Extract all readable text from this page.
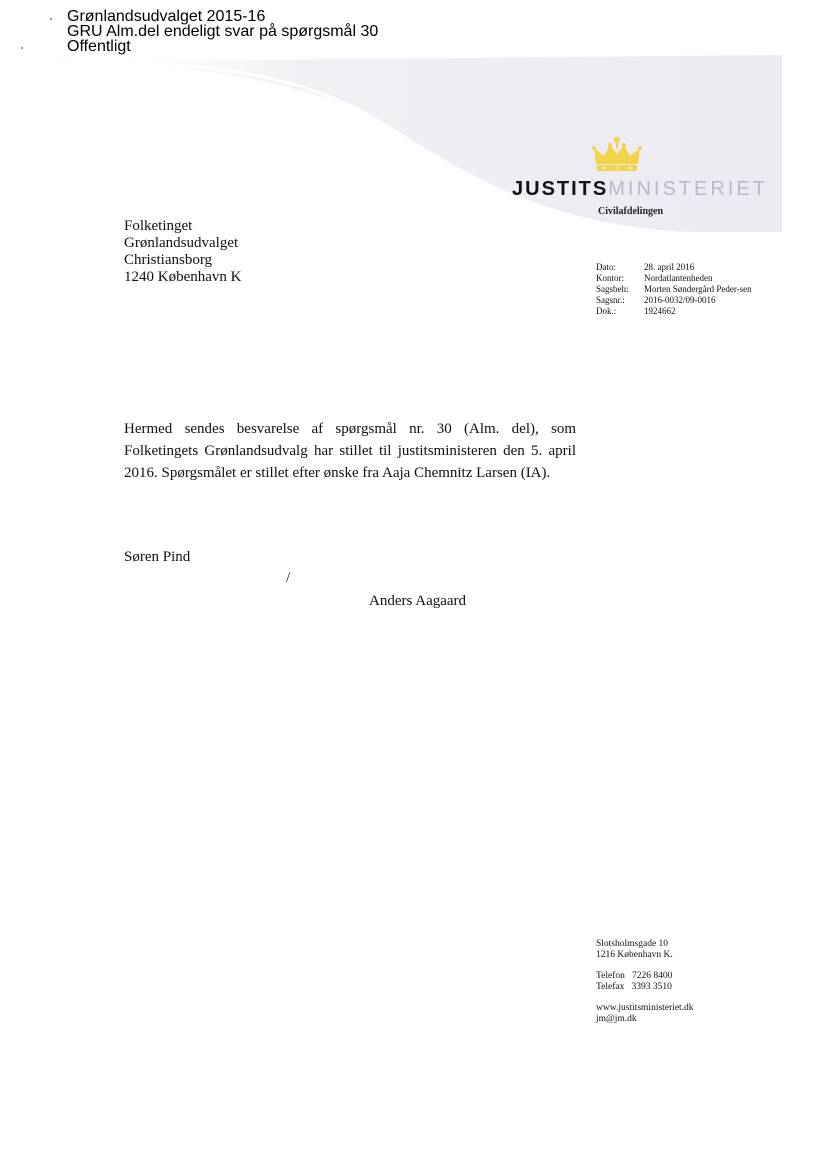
Grønlandsudvalget 2015-16
GRU Alm.del endeligt svar på spørgsmål 30
Offentligt
JUSTITSMINISTERIET
Civilafdelingen
Folketinget
Grønlandsudvalget
Christiansborg
1240 København K
Dato:	28. april 2016
Kontor:	Nordatlantenheden
Sagsbeh:	Morten Søndergård Peder-sen
Sagsnr.:	2016-0032/09-0016
Dok.:	1924662
Hermed sendes besvarelse af spørgsmål nr. 30 (Alm. del), som Folketingets Grønlandsudvalg har stillet til justitsministeren den 5. april 2016. Spørgsmålet er stillet efter ønske fra Aaja Chemnitz Larsen (IA).
Søren Pind
/
Anders Aagaard
Slotsholmsgade 10
1216 København K.
Telefon   7226 8400
Telefax   3393 3510
www.justitsministeriet.dk
jm@jm.dk
